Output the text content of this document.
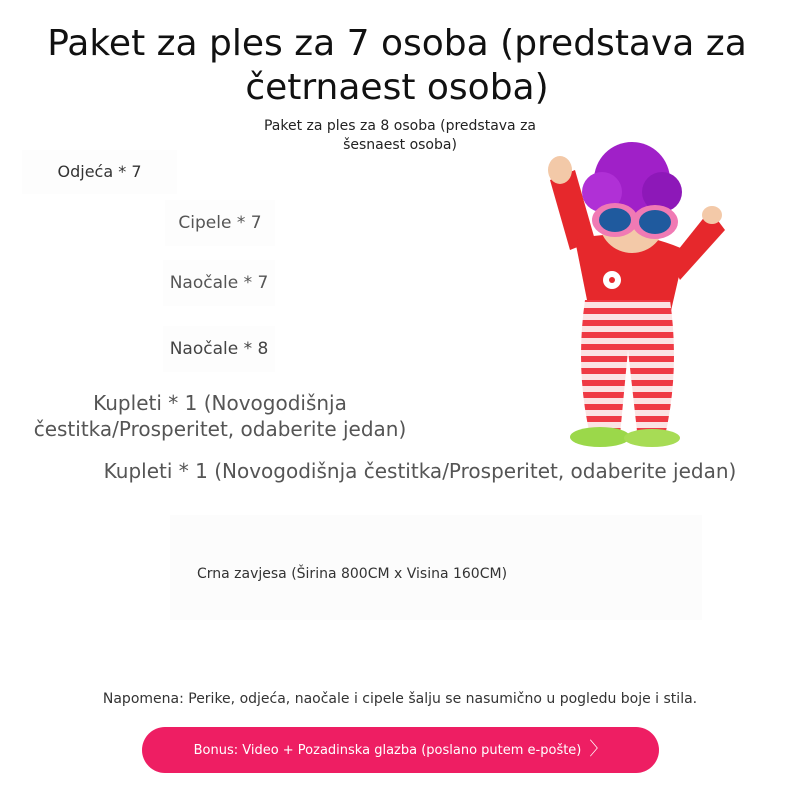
Paket za ples za 7 osoba (predstava za četrnaest osoba)
Paket za ples za 8 osoba (predstava za šesnaest osoba)
Odjeća * 7
Cipele * 7
Naočale * 7
Naočale * 8
Kupleti * 1 (Novogodišnja čestitka/Prosperitet, odaberite jedan)
Kupleti * 1 (Novogodišnja čestitka/Prosperitet, odaberite jedan)
Crna zavjesa (Širina 800CM x Visina 160CM)
Napomena: Perike, odjeća, naočale i cipele šalju se nasumično u pogledu boje i stila.
Bonus: Video + Pozadinska glazba (poslano putem e-pošte) 〉
